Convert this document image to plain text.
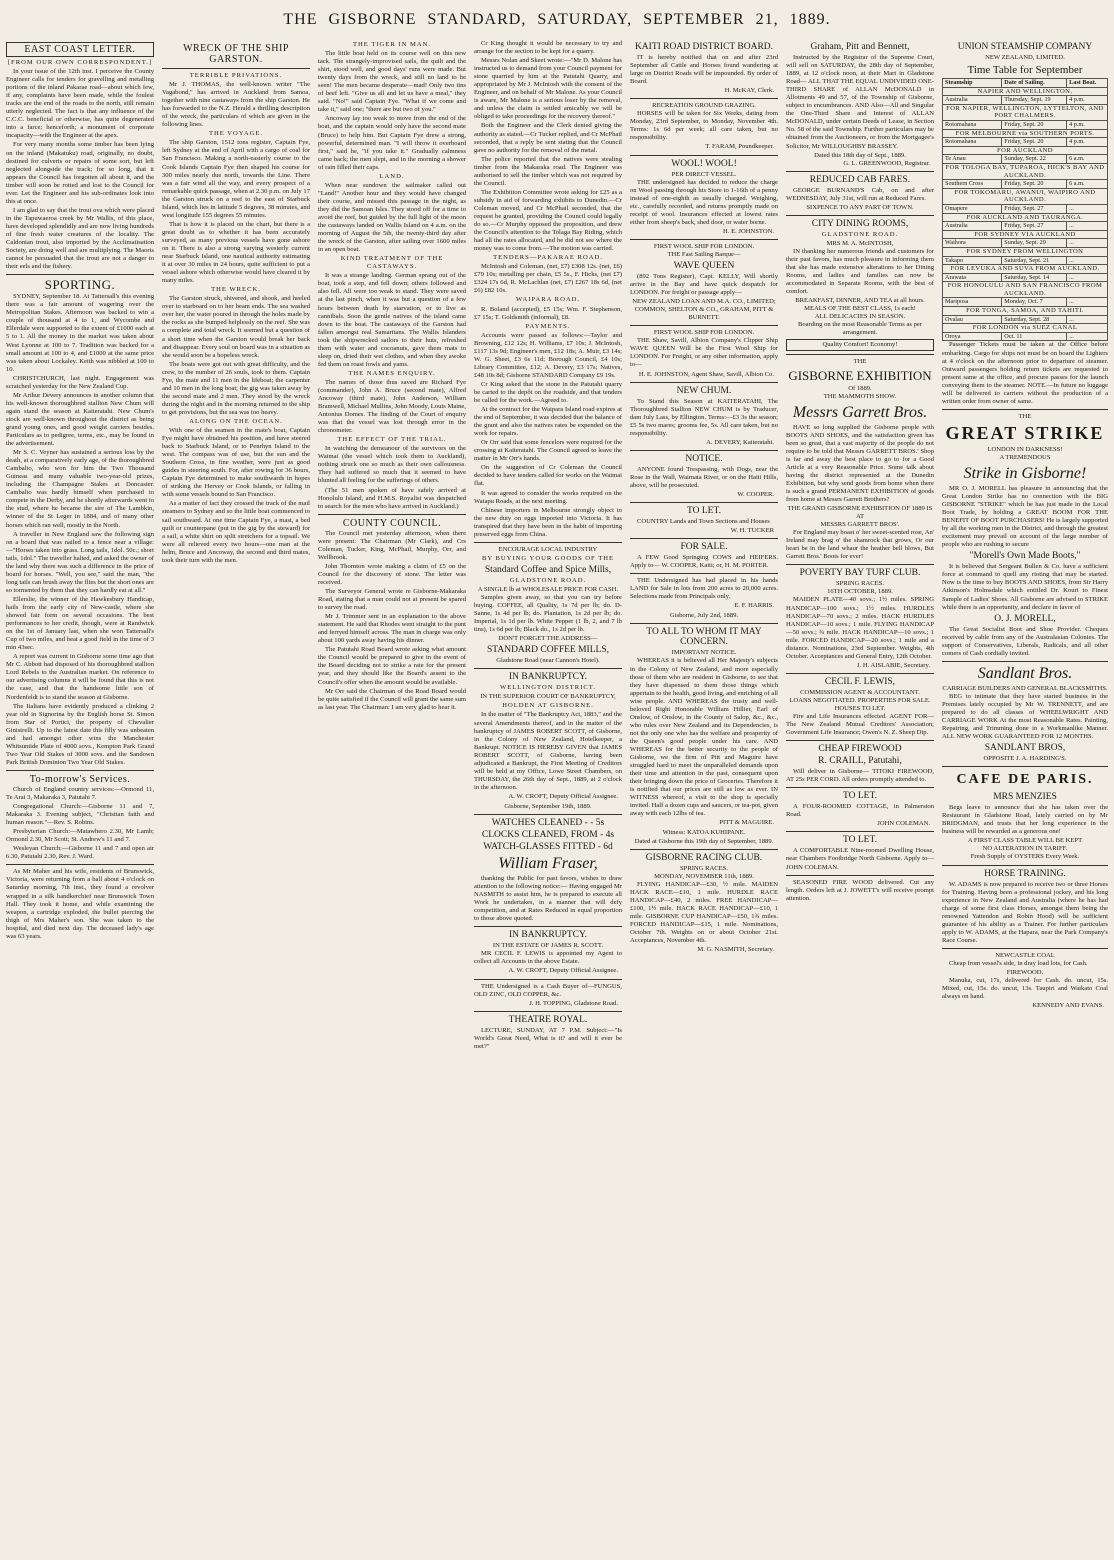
THE GISBORNE STANDARD, SATURDAY, SEPTEMBER 21, 1889.
EAST COAST LETTER.
[FROM OUR OWN CORRESPONDENT.]

In your issue of the 12th inst. I perceive the County Engineer calls for tenders for gravelling and metalling portions of the inland Pakarae road—about which few, if any, complaints have been made, while the foulest tracks are the end of the roads to the north, still remain utterly neglected. The fact is that any influence of the C.C.C. beneficial or otherwise, has quite degenerated into a farce; henceforth; a monument of corporate incapacity—with the Engineer at the apex.

For very many months some timber has been lying on the inland (Makatuku) road, originally, no doubt, destined for culverts or repairs of some sort, but left neglected alongside the track; for so long, that it appears the Council has forgotten all about it, and the timber will soon be rotted and lost to the Council for ever. Let the Engineer and his sub-ordinates look into this at once.

I am glad to say that the trout ova which were placed in the Tapuwaeroa creek by Mr Wallis, of this place, have developed splendidly and are now living hundreds of fine fresh water creatures of the locality. The Caldonian trout, also imported by the Acclimatisation Society, are doing well and are multiplying. The Maoris cannot be persuaded that the trout are not a danger to their eels and the fishery.

SPORTING.

SYDNEY, September 18. At Tattersall's this evening there was a fair amount of wagering over the Metropolitan Stakes. Afternoon was backed to win a couple of thousand at 4 to 1, and Wycombe and Ellerdale were supported to the extent of £1000 each at 5 to 1. All the money in the market was taken about West Lyonne at 100 to 7. Tradition was backed for a small amount at 100 to 4, and £1000 at the same price was taken about Lockaley. Keith was nibbled at 100 to 10.

CHRISTCHURCH, last night. Engagement was scratched yesterday for the New Zealand Cup.

Mr Arthur Devery announces in another column that his well-known thoroughbred stallion New Chum will again stand the season at Kaiteratahi. New Chum's stock are well-known throughout the district as being grand young ones, and good weight carriers besides. Particulars as to pedigree, terms, etc., may be found in the advertisement.

Mr S. C. Veyner has sustained a serious loss by the death, at a comparatively early age, of the thoroughbred Cambalio, who won for him the Two Thousand Guineas and many valuable two-year-old prizes, including the Champagne Stakes at Doncaster. Cambalio was hardly himself when purchased to compete in the Derby, and he shortly afterwards went to the stud, where he became the sire of The Lambkin, winner of the St Leger in 1884, and of many other horses which ran well, mostly in the North.

A traveller in New England saw the following sign on a board that was nailed to a fence near a village:—"Horses taken into grass. Long tails, 1dol. 50c.; short tails, 1dol." The traveller halted, and asked the owner of the land why there was such a difference in the price of board for horses. "Well, you see," said the man, "the long tails can brush away the flies but the short ones are so tormented by them that they can hardly eat at all."

Ellerslie, the winner of the Hawkesbury Handicap, hails from the early city of New-castle, where she showed fair form on several occasions. The best performances to her credit, though, were at Randwick on the 1st of January last, when she won Tattersall's Cup of two miles, and beat a good field in the time of 3 min 43sec.

A report was current in Gisborne some time ago that Mr C. Abbott had disposed of his thoroughbred stallion Lord Rebels to the Australian market. On reference to our advertising columns it will be found that this is not the case, and that the handsome little son of Nordenfeldt is to stand the season at Gisborne.

The Italians have evidently produced a clinking 2 year old in Signorina by the English horse St. Simon from Star of Portici, the property of Chevalier Ginistrelli. Up to the latest date this filly was unbeaten and had amongst other wins the Manchester Whitsuntide Plate of 4000 sovs., Kempton Park Grand Two Year Old Stakes of 3000 sovs. and the Sandown Park British Dominion Two Year Old Stakes.

To-morrow's Services.

Church of England country services:—Ormond 11, Te Arai 3, Makaraka 3, Patutahi 7.

Congregational Church:—Gisborne 11 and 7, Makaraka 3. Evening subject, "Christian faith and human reason."—Rev. S. Robins.

Presbyterian Church:—Matawhero 2.30, Mr Lamb; Ormond 2.30, Mr Scott; St. Andrew's 11 and 7.

Wesleyan Church:—Gisborne 11 and 7 and open air 6.30, Patutahi 2.30, Rev. J. Ward.

As Mr Maher and his wife, residents of Brunswick, Victoria, were returning from a ball about 4 o'clock on Saturday morning, 7th inst., they found a revolver wrapped in a silk handkerchief near Brunswick Town Hall. They took it home, and while examining the weapon, a cartridge exploded, the bullet piercing the thigh of Mrs Maher's son. She was taken to the hospital, and died next day. The deceased lady's age was 63 years.

WRECK OF THE SHIP GARSTON.
TERRIBLE PRIVATIONS.

Mr J. THOMAS, the well-known writer "The Vagabond," has arrived in Auckland from Samoa, together with nine castaways from the ship Garston. He has forwarded to the N.Z. Herald a thrilling description of the wreck, the particulars of which are given in the following lines.

THE VOYAGE.

The ship Garston, 1512 tons register, Captain Fye, left Sydney at the end of April with a cargo of coal for San Francisco. Making a north-easterly course to the Cook Islands Captain Fye then shaped his course for 300 miles nearly due north, towards the Line. There was a fair wind all the way, and every prospect of a remarkable quick passage, when at 2.30 p.m. on July 17 the Garston struck on a reef to the east of Starbuck Island, which lies in latitude 5 degrees, 38 minutes, and west longitude 155 degrees 55 minutes.

That is how it is placed on the chart, but there is a great doubt as to whether it has been accurately surveyed, as many previous vessels have gone ashore on it. There is also a strong varying westerly current near Starbuck Island, one nautical authority estimating it at over 30 miles in 24 hours, quite sufficient to put a vessel ashore which otherwise would have cleared it by many miles.

THE WRECK.

The Garston struck, shivered, and shook, and heeled over to starboard on to her beam ends. The sea washed over her, the water poured in through the holes made by the rocks as she bumped helplessly on the reef. She was a complete and total wreck. It seemed but a question of a short time when the Garston would break her back and disappear. Every soul on board was in a situation as she would soon be a hopeless wreck.

The boats were got out with great difficulty, and the crew, to the number of 26 souls, took to them. Captain Fye, the mate and 11 men in the lifeboat; the carpenter and 10 men in the long boat; the gig was taken away by the second mate and 2 men. They stood by the wreck during the night and in the morning returned to the ship to get provisions, but the sea was too heavy.

ALONG ON THE OCEAN.

With one of the seamen in the mate's boat, Captain Fye might have obtained his position, and have steered back to Starbuck Island, or to Penrhyn Island to the west. The compass was of use, but the sun and the Southern Cross, in fine weather, were just as good guides in steering south. For, after rowing for 36 hours, Captain Fye determined to make southwards in hopes of striking the Hervey or Cook Islands, or falling in with some vessels bound to San Francisco.

As a matter of fact they crossed the track of the mail steamers to Sydney and so the little boat commenced to sail southward. At one time Captain Fye, a mast, a bed quilt or counterpane (put in the gig by the steward) for a sail, a white shirt on split stretchers for a topsail. We were all relieved every two hours—one man at the helm, Bruce and Ancoway, the second and third mates, took their turn with the men.

THE TIGER IN MAN.

The little boat held on its course well on this new tack. The strangely-improvised sails, the quilt and the shirt, stood well, and good days' runs were made. But twenty days from the wreck, and still no land to be seen! The men became desperate—mad! Only two tins of beef left. "Give us all and let us have a meal," they said. "No!" said Captain Fye. "What if we come and take it," said one; "there are but two of you."

Ancoway lay too weak to move from the end of the boat, and the captain would only have the second mate (Bruce) to help him. But Captain Fye drew a strong, powerful, determined man. "I will throw it overboard first," said he, "if you take it." Gradually calmness came back; the men slept, and in the morning a shower of rain filled their caps.

LAND.

When near sundown the sailmaker called out "Land!" Another hour and they would have changed their course, and missed this passage in the night, as they did the Samoan Isles. They stood off for a time to avoid the reef, but guided by the full light of the moon the castaways landed on Wallis Island on 4 a.m. on the morning of August the 5th, the twenty-third day after the wreck of the Garston, after sailing over 1600 miles in an open boat.

KIND TREATMENT OF THE CASTAWAYS.

It was a strange landing. German sprang out of the boat, took a step, and fell down; others followed and also fell. All were too weak to stand. They were saved at the last pinch, when it was but a question of a few hours between death by starvation, or to live as cannibals. Soon the gentle natives of the island came down to the boat. The castaways of the Garston had fallen amongst real Samaritans. The Wallis Islanders took the shipwrecked sailors to their huts, refreshed them with water and cocoanuts, gave them mats to sleep on, dried their wet clothes, and when they awoke fed them on roast fowls and yams.

THE NAMES ENQUIRY.

The names of those thus saved are Richard Fye (commander), John A. Bruce (second mate), Alfred Ancoway (third mate), John Anderson, William Bramwell, Michael Mullins, John Moody, Louis Maine, Antonius Domes. The finding of the Court of enquiry was that the vessel was lost through error in the chronometer.

THE EFFECT OF THE TRIAL.

In watching the demeanour of the survivors on the Waimai (the vessel which took them to Auckland), nothing struck one so much as their own callousness. They had suffered so much that it seemed to have blunted all feeling for the sufferings of others.

(The 51 men spoken of have safely arrived at Honolulu Island, and H.M.S. Royalist was despatched to search for the men who have arrived in Auckland.)

COUNTY COUNCIL.

The Council met yesterday afternoon, when there were present: The Chairman (Mr Clark), and Crs Coleman, Tucker, King, McPhail, Murphy, Orr, and Wellbrook.

John Thornton wrote making a claim of £5 on the Council for the discovery of stone. The letter was received.

The Surveyor General wrote re Gisborne-Makaraka Road, stating that a man could not at present be spared to survey the road.

Mr J. Trimmer sent in an explanation to the above statement. He said that Rhodes went straight to the punt and ferryed himself across. The man in charge was only about 100 yards away having his dinner.

The Patutahi Road Board wrote asking what amount the Council would be prepared to give in the event of the Board deciding not to strike a rate for the present year, and they should like the Board's assent to the Council's offer when the amount would be available.

Mr Orr said the Chairman of the Road Board would be quite satisfied if the Council will grant the same sum as last year. The Chairman: I am very glad to hear it.

Cr King thought it would be necessary to try and arrange for the section to be kept for a quarry.

Messrs Nolan and Skeet wrote:—"Mr D. Malone has instructed us to demand from your Council payment for stone quarried by him at the Patutahi Quarry, and appropriated by Mr J. McIntosh with the consent of the Engineer, and on behalf of Mr Malone. As your Council is aware, Mr Malone is a serious loser by the removal, and unless the claim is settled amicably we will be obliged to take proceedings for the recovery thereof."

Both the Engineer and the Clerk denied giving the authority as stated.—Cr Tucker replied, and Cr McPhail seconded, that a reply be sent stating that the Council gave no authority for the removal of the metal.

The police reported that the natives were stealing timber from the Makaraka road. The Engineer was authorised to sell the timber which was not required by the Council.

The Exhibition Committee wrote asking for £25 as a subsidy in aid of forwarding exhibits to Dunedin.—Cr Coleman moved, and Cr McPhail seconded, that the request be granted, providing the Council could legally do so.—Cr Murphy opposed the proposition, and drew the Council's attention to the Tolaga Bay Riding, which had all the rates allocated, and he did not see where the money was to come from.—The motion was carried.

TENDERS—PAKARAE ROAD.

McIntosh and Coleman, (net, £7) £308 12s. (net, £6) £79 10s; metalling per chain, £5 5s., F. Hicks, (net £7) £324 17s 6d, R. McLachlan (net, £7) £267 18s 6d, (net £6) £82 10s.

WAIPARA ROAD.

R. Boland (accepted), £5 15s; Wm. F. Stephenson, £7 15s; T. Goldsmith (informal), £8.

PAYMENTS.

Accounts were passed as follows:—Taylor and Browning, £12 12s; H. Williams, £7 10s; J. McIntosh, £117 13s 9d; Engineer's men, £12 18s; A. Muir, £3 14s; W. G. Sheet, £3 6s 11d; Borough Council, £4 10s; Library Committee, £12; A. Devery, £3 17s; Natives, £48 10s 8d; Gisborne STANDARD Company £9 19s.

Cr King asked that the stone in the Patutahi quarry be carted to the depôt on the roadside, and that tenders be called for the work.—Agreed to.

At the contract for the Waipara Island road expires at the end of September, it was decided that the balance of the grant and also the natives rates be expended on the work for repairs.

Or Orr said that some fencelors were required for the crossing at Kaiteratahi. The Council agreed to leave the matter in Mr Orr's hands.

On the suggestion of Cr Coleman the Council decided to have tenders called for works on the Waimai flat.

It was agreed to consider the works required on the Waiapu Roads, at the next meeting.

Chinese importers in Melbourne strongly object to the new duty on eggs imported into Victoria. It has transpired that they have been in the habit of importing preserved eggs from China.

ENCOURAGE LOCAL INDUSTRY
BY BUYING YOUR GOODS OF THE
Standard Coffee and Spice Mills,
GLADSTONE ROAD.
A SINGLE lb at WHOLESALE PRICE FOR CASH.

Samples given away, so that you can try before buying. COFFEE, all Quality, 1s 7d per lb; do. D-Sanne, 1s 4d per lb; do. Plantation, 1s 2d per lb; do. Imperial, 1s 1d per lb. White Pepper (1 lb, 2, and 7 lb tins), 1s 6d per lb; Black do., 1s 2d per lb.

DON'T FORGET THE ADDRESS—
STANDARD COFFEE MILLS,
Gladstone Road (near Cannon's Hotel).
IN BANKRUPTCY.
WELLINGTON DISTRICT.
IN THE SUPERIOR COURT OF BANKRUPTCY,
HOLDEN AT GISBORNE.

In the matter of "The Bankruptcy Act, 1883," and the several Amendments thereof, and in the matter of the bankruptcy of JAMES ROBERT SCOTT, of Gisborne, in the Colony of New Zealand, Hotelkeeper, a Bankrupt. NOTICE IS HEREBY GIVEN that JAMES ROBERT SCOTT, of Gisborne, having been adjudicated a Bankrupt, the First Meeting of Creditors will be held at my Office, Lowe Street Chambers, on THURSDAY, the 26th day of Sept., 1889, at 2 o'clock in the afternoon.

A. W. CROFT, Deputy Official Assignee.
Gisborne, September 19th, 1889.
WATCHES CLEANED - - 5s
CLOCKS CLEANED, FROM - 4s
WATCH-GLASSES FITTED - 6d
William Fraser,

thanking the Public for past favors, wishes to draw attention to the following notice:— Having engaged Mr NASMITH to assist him, he is prepared to execute all Work he undertakes, in a manner that will defy competition, and at Rates Reduced in equal proportion to those above quoted.

IN BANKRUPTCY.
IN THE ESTATE OF JAMES R. SCOTT.

MR CECIL F. LEWIS is appointed my Agent to collect all Accounts in the above Estate.

A. W. CROFT, Deputy Official Assignee.

THE Undersigned is a Cash Buyer of—FUNGUS, OLD ZINC, OLD COPPER, &c.

J. H. TOPPING, Gladstone Road.
THEATRE ROYAL.

LECTURE, SUNDAY, AT 7 P.M. Subject:—"Is World's Great Need, What is it? and will it ever be met?"

KAITI ROAD DISTRICT BOARD.

IT is hereby notified that on and after 23rd September all Cattle and Horses found wandering at large on District Roads will be impounded. By order of Board.

H. McKAY, Clerk.
RECREATION GROUND GRAZING.

HORSES will be taken for Six Weeks, dating from Monday, 23rd September, to Monday, November 4th. Terms: 1s 6d per week; all care taken, but no responsibility.

T. FARAM, Poundkeeper.
WOOL! WOOL!
PER DIRECT VESSEL.

THE undersigned has decided to reduce the charge on Wool passing through his Store to 1-16th of a penny instead of one-eighth as usually charged. Weighing, etc., carefully recorded, and returns promptly made on receipt of wool. Insurances effected at lowest rates either from sheep's back, shed door, or water borne.

H. E. JOHNSTON.
FIRST WOOL SHIP FOR LONDON.
THE Fast Sailing Barque—
WAVE QUEEN

(892 Tons Register), Capt. KELLY, Will shortly arrive in the Bay and have quick despatch for LONDON. For freight or passage apply—

NEW ZEALAND LOAN AND M.A. CO., LIMITED; COMMON, SHELTON & CO., GRAHAM, PITT & BURNETT.
FIRST WOOL SHIP FOR LONDON.

THE Shaw, Savill, Albion Company's Clipper Ship WAVE QUEEN Will be the First Wool Ship for LONDON. For Freight, or any other information, apply to—

H. E. JOHNSTON, Agent Shaw, Savill, Albion Co.
NEW CHUM.

To Stand this Season at KAITERATAHI, The Thoroughbred Stallion NEW CHUM is by Traducer, dam July Lass, by Ellington. Terms:—£3 3s the season; £5 5s two mares; grooms fee, 5s. All care taken, but no responsibility.

A. DEVERY, Kaiteratahi.
NOTICE.

ANYONE found Trespassing, with Dogs, near the Rose in the Wall, Waimata River, or on the Haiti Hills, above, will be prosecuted.

W. COOPER.
TO LET.

COUNTRY Lands and Town Sections and Houses

W. H. TUCKER
FOR SALE.

A FEW Good Springing COWS and HEIFERS. Apply to— W. COOPER, Kaiti; or, H. M. PORTER.

THE Undersigned has had placed in his hands LAND for Sale in lots from 200 acres to 20,000 acres. Selections made from Principals only.

E. F. HARRIS.
Gisborne, July 2nd, 1889.
TO ALL TO WHOM IT MAY CONCERN.
IMPORTANT NOTICE.

WHEREAS it is believed all Her Majesty's subjects in the Colony of New Zealand, and more especially those of them who are resident in Gisborne, to see that they have dispensed to them those things which appertain to the health, good living, and enriching of all wise people. AND WHEREAS the trusty and well-beloved Right Honorable William Hillier, Earl of Onslow, of Onslow, in the County of Salop, &c., &c., who rules over New Zealand and its Dependencies, is not the only one who has the welfare and prosperity of the Queen's good people under his care. AND WHEREAS for the better security to the people of Gisborne, we the firm of Pitt and Maguire have struggled hard to meet the unparalleled demands upon their time and attention in the past, consequent upon their bringing down the price of Groceries. Therefore it is notified that our prices are still as low as ever. IN WITNESS whereof, a visit to the shop is specially invited. Half a dozen cups and saucers, or tea-pot, given away with each 12lbs of tea.

PITT & MAGUIRE.
Witness: KATOA KUHIPANE.
Dated at Gisborne this 19th day of September, 1889.
GISBORNE RACING CLUB.
SPRING RACES.
MONDAY, NOVEMBER 11th, 1889.

FLYING HANDICAP—£30, ½ mile. MAIDEN HACK RACE—£10, 1 mile. HURDLE RACE HANDICAP—£40, 2 miles. FREE HANDICAP—£100, 1½ mile. HACK RACE HANDICAP—£10, 1 mile. GISBORNE CUP HANDICAP—£50, 1¾ miles. FORCED HANDICAP—£15, 1 mile. Nominations, October 7th. Weights on or about October 21st. Acceptances, November 4th.

M. G. NASMITH, Secretary.
Graham, Pitt and Bennett,

Instructed by the Registrar of the Supreme Court, will sell on SATURDAY, the 28th day of September, 1889, at 12 o'clock noon, at their Mart in Gladstone Road— ALL THAT THE EQUAL UNDIVIDED ONE-THIRD SHARE of ALLAN McDONALD in Allotments 49 and 57, of the Township of Gisborne, subject to encumbrances. AND Also—All and Singular the One-Third Share and Interest of ALLAN McDONALD, under certain Deeds of Lease, in Section No. 58 of the said Township. Further particulars may be obtained from the Auctioneers, or from the Mortgagee's Solicitor, Mr WILLOUGHBY BRASSEY.

Dated this 18th day of Sept., 1889.
G. L. GREENWOOD, Registrar.
REDUCED CAB FARES.

GEORGE BURNAND'S Cab, on and after WEDNESDAY, July 31st, will run at Reduced Fares.

SIXPENCE TO ANY PART OF TOWN.
CITY DINING ROOMS,
GLADSTONE ROAD.
MRS M. A. McINTOSH,

IN thanking her numerous friends and customers for their past favors, has much pleasure in informing them that she has made extensive alterations to her Dining Rooms, and ladies and families can now be accommodated in Separate Rooms, with the best of comfort.

BREAKFAST, DINNER, AND TEA at all hours.
MEALS OF THE BEST CLASS, 1s each!
ALL DELICACIES IN SEASON.
Boarding on the most Reasonable Terms as per arrangement.
Quality Comfort! Economy!
THE
GISBORNE EXHIBITION
Of 1889.
THE MAMMOTH SHOW.
Messrs Garrett Bros.

HAVE so long supplied the Gisborne people with BOOTS AND SHOES, and the satisfaction given has been so great, that a vast majority of the people do not require to be told that Messrs GARRETT BROS.' Shop is far and away the best place to go to for a Good Article at a very Reasonable Price. Some talk about having the district represented at the Dunedin Exhibition, but why send goods from home when there is such a grand PERMANENT EXHIBITION of goods from home at Messrs Garrett Brothers?

THE GRAND GISBORNE EXHIBITION OF 1889 IS AT
MESSRS GARRETT BROS'.

For England may boast o' her sweet-scented rose, An' Ireland may brag o' the shamrock that grows, Or our heart be in the land whaur the heather bell blows, But Garrett Bros.' Boots for ever!

POVERTY BAY TURF CLUB.
SPRING RACES.
16TH OCTOBER, 1889.

MAIDEN PLATE—40 sovs.; 1½ miles. SPRING HANDICAP—100 sovs.; 1½ miles. HURDLES HANDICAP—70 sovs.; 2 miles. HACK HURDLES HANDICAP—10 sovs.; 1 mile. FLYING HANDICAP—50 sovs.; ¾ mile. HACK HANDICAP—10 sovs.; 1 mile. FORCED HANDICAP—20 sovs.; 1 mile and a distance. Nominations, 23rd September. Weights, 4th October. Acceptances and General Entry, 12th October.

J. H. AISLABIE, Secretary.
CECIL F. LEWIS,
COMMISSION AGENT & ACCOUNTANT.
LOANS NEGOTIATED. PROPERTIES FOR SALE.
HOUSES TO LET.

Fire and Life Insurances effected. AGENT FOR— The New Zealand Mutual Creditors' Association; Government Life Insurance; Owen's N. Z. Sheep Dip.

CHEAP FIREWOOD
R. CRAILL, Patutahi,

Will deliver in Gisborne— TITOKI FIREWOOD, AT 25s PER CORD. All orders promptly attended to.

TO LET.

A FOUR-ROOMED COTTAGE, in Palmerston Road.

JOHN COLEMAN.
TO LET.

A COMFORTABLE Nine-roomed Dwelling House, near Chambers Footbridge North Gisborne. Apply to— JOHN COLEMAN.

SEASONED FIRE WOOD delivered. Cut any length. Orders left at J. JOWETT's will receive prompt attention.

UNION STEAMSHIP COMPANY
NEW ZEALAND, LIMITED.
Time Table for September
Steamship	Date of Sailing.	Last Boat.
NAPIER AND WELLINGTON.		
Australia	Thursday, Sept. 19	4 p.m.
FOR NAPIER, WELLINGTON, LYTTELTON, AND PORT CHALMERS.		
Rotomahana	Friday, Sept. 20	4 p.m.
FOR MELBOURNE via SOUTHERN PORTS.		
Rotomahana	Friday, Sept. 20	4 p.m.
FOR AUCKLAND		
Te Anau	Sunday, Sept. 22	6 a.m.
FOR TOLOGA BAY, TUPAROA, HICK'S BAY AND AUCKLAND.		
Southern Cross	Friday, Sept. 20	6 a.m.
FOR TOKOMARU, AWANUI, WAIPIRO AND AUCKLAND.		
Omapere	Friday, Sept. 27	...
FOR AUCKLAND AND TAURANGA.		
Australia	Friday, Sept. 27	...
FOR SYDNEY VIA AUCKLAND		
Waihora	Sunday, Sept. 29	...
FOR SYDNEY FROM WELLINGTON		
Takapo	Saturday, Sept. 21	...
FOR LEVUKA AND SUVA FROM AUCKLAND.		
Arawata	Saturday, Sept. 14	...
FOR HONOLULU AND SAN FRANCISCO FROM AUCKLAND.		
Mariposa	Monday, Oct. 7	...
FOR TONGA, SAMOA, AND TAHITI.		
Ovalau	Saturday, Sept. 28	...
FOR LONDON via SUEZ CANAL		
Oroya	Oct. 11	...

Passenger Tickets must be taken at the Office before embarking. Cargo for ships not must be on board the Lighters at 4 o'clock on the afternoon prior to departure of steamer. Outward passengers holding return tickets are requested to present same at the office, and procure passes for the launch conveying them to the steamer. NOTE.—In future no luggage will be delivered to carriers without the production of a written order from owner of same.

THE
GREAT STRIKE
LONDON IN DARKNESS!
A TREMENDOUS
Strike in Gisborne!

MR O. J. MORELL has pleasure in announcing that the Great London Strike has no connection with the BIG GISBORNE "STRIKE" which he has just made in the Local Boot Trade, by holding a GREAT BOOM FOR THE BENEFIT OF BOOT PURCHASERS! He is largely supported by all the working men in the District, and through the greatest excitement may prevail on account of the large number of people who are rushing to secure

"Morell's Own Made Boots,"

It is believed that Sergeant Bullen & Co. have a sufficient force at command to quell any rioting that may be started. Now is the time to buy BOOTS AND SHOES, from Sir Harry Atkinson's Holmsdale which entitled Dr. Kouri to Finest Sample of Ladies' Shoes. All Gisborne are advised to STRIKE while there is an opportunity, and declare in favor of

O. J. MORELL,

The Great Socialist Boot and Shoe Provider. Cheques received by cable from any of the Australasian Colonies. The support of Conservatives, Liberals, Radicals, and all other comers of Cash cordially invited.

Sandlant Bros.
CARRIAGE BUILDERS AND GENERAL BLACKSMITHS.

BEG to intimate that they have started business in the Premises lately occupied by Mr W. TRENNETT, and are prepared to do all classes of WHEELWRIGHT AND CARRIAGE WORK At the most Reasonable Rates. Painting, Repairing, and Trimming done in a Workmanlike Manner. ALL NEW WORK GUARANTEED FOR 12 MONTHS.

SANDLANT BROS,
OPPOSITE J. A. HARDING'S.
CAFE DE PARIS.
MRS MENZIES

Begs leave to announce that she has taken over the Restaurant in Gladstone Road, lately carried on by Mr BRIDGMAN, and trusts that her long experience in the business will be rewarded as a generous one!

A FIRST CLASS TABLE WILL BE KEPT
NO ALTERATION IN TARIFF.
Fresh Supply of OYSTERS Every Week.
HORSE TRAINING.

W. ADAMS is now prepared to receive two or three Horses for Training. Having been a professional jockey, and his long experience in New Zealand and Australia (where he has had charge of some first class Horses, amongst them being the renowned Yattendon and Robin Hood) will be sufficient guarantee of his ability as a Trainer. For further particulars apply to W. ADAMS, at the Hapara, near the Park Company's Race Course.

NEWCASTLE COAL

Cheap from vessel's side, in dray load lots, for Cash.

FIREWOOD.

Manuka, cut, 17s, delivered for Cash. do. uncut, 15s. Mixed, cut, 15s. do. uncut, 13s. Taupiri and Waikato Coal always on hand.

KENNEDY AND EVANS.
